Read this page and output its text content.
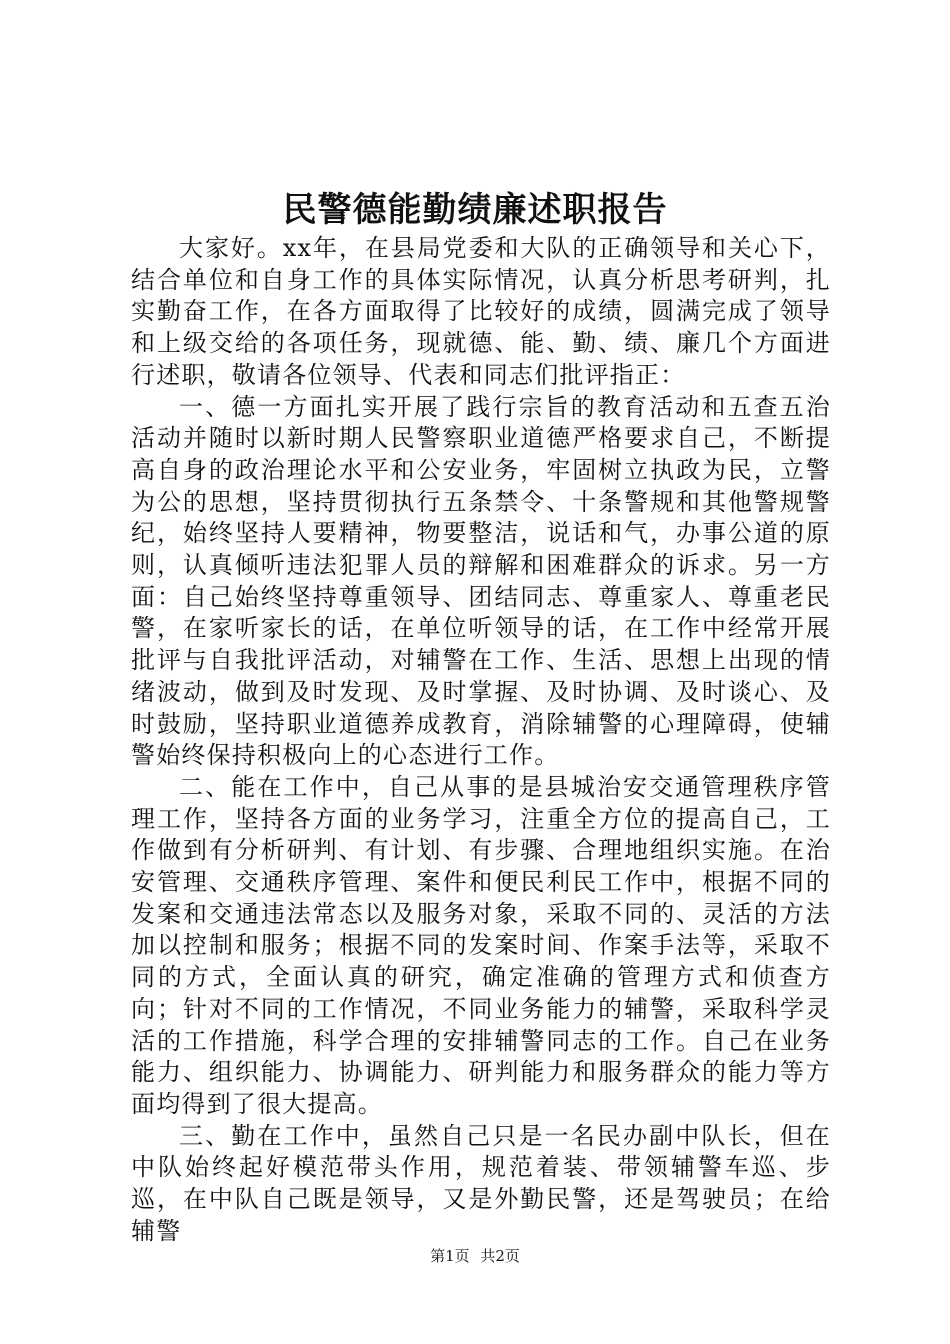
民警德能勤绩廉述职报告

大家好。xx年，在县局党委和大队的正确领导和关心下，结合单位和自身工作的具体实际情况，认真分析思考研判，扎实勤奋工作，在各方面取得了比较好的成绩，圆满完成了领导和上级交给的各项任务，现就德、能、勤、绩、廉几个方面进行述职，敬请各位领导、代表和同志们批评指正：

一、德一方面扎实开展了践行宗旨的教育活动和五查五治活动并随时以新时期人民警察职业道德严格要求自己，不断提高自身的政治理论水平和公安业务，牢固树立执政为民，立警为公的思想，坚持贯彻执行五条禁令、十条警规和其他警规警纪，始终坚持人要精神，物要整洁，说话和气，办事公道的原则，认真倾听违法犯罪人员的辩解和困难群众的诉求。另一方面：自己始终坚持尊重领导、团结同志、尊重家人、尊重老民警，在家听家长的话，在单位听领导的话，在工作中经常开展批评与自我批评活动，对辅警在工作、生活、思想上出现的情绪波动，做到及时发现、及时掌握、及时协调、及时谈心、及时鼓励，坚持职业道德养成教育，消除辅警的心理障碍，使辅警始终保持积极向上的心态进行工作。

二、能在工作中，自己从事的是县城治安交通管理秩序管理工作，坚持各方面的业务学习，注重全方位的提高自己，工作做到有分析研判、有计划、有步骤、合理地组织实施。在治安管理、交通秩序管理、案件和便民利民工作中，根据不同的发案和交通违法常态以及服务对象，采取不同的、灵活的方法加以控制和服务；根据不同的发案时间、作案手法等，采取不同的方式，全面认真的研究，确定准确的管理方式和侦查方向；针对不同的工作情况，不同业务能力的辅警，采取科学灵活的工作措施，科学合理的安排辅警同志的工作。自己在业务能力、组织能力、协调能力、研判能力和服务群众的能力等方面均得到了很大提高。

三、勤在工作中，虽然自己只是一名民办副中队长，但在中队始终起好模范带头作用，规范着装、带领辅警车巡、步巡，在中队自己既是领导，又是外勤民警，还是驾驶员；在给辅警

第1页 共2页
